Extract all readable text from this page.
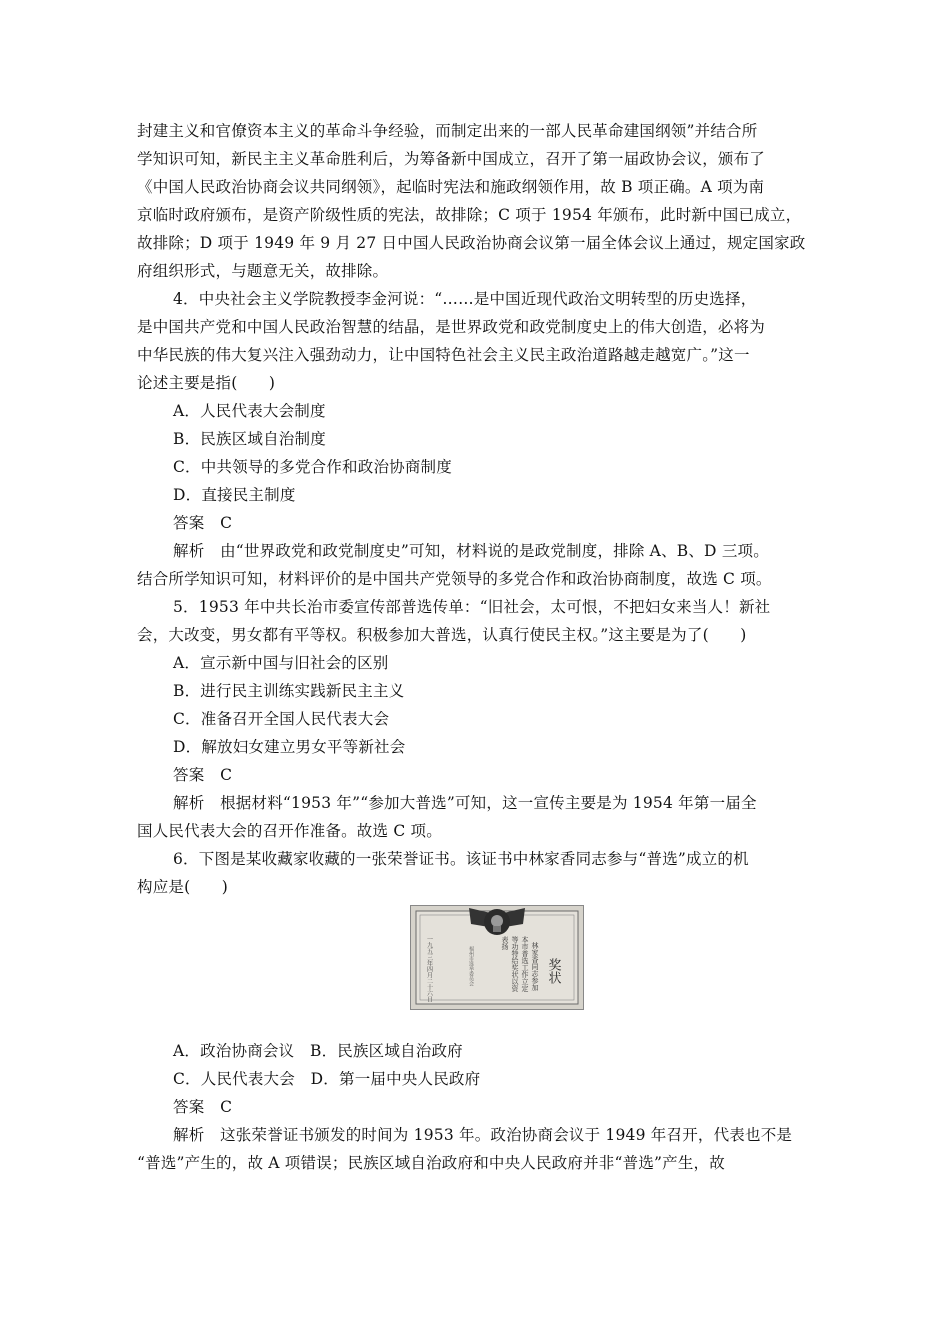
封建主义和官僚资本主义的革命斗争经验，而制定出来的一部人民革命建国纲领”并结合所
学知识可知，新民主主义革命胜利后，为筹备新中国成立，召开了第一届政协会议，颁布了
《中国人民政治协商会议共同纲领》，起临时宪法和施政纲领作用，故 B 项正确。A 项为南
京临时政府颁布，是资产阶级性质的宪法，故排除；C 项于 1954 年颁布，此时新中国已成立，
故排除；D 项于 1949 年 9 月 27 日中国人民政治协商会议第一届全体会议上通过，规定国家政
府组织形式，与题意无关，故排除。
4．中央社会主义学院教授李金河说：“……是中国近现代政治文明转型的历史选择，
是中国共产党和中国人民政治智慧的结晶，是世界政党和政党制度史上的伟大创造，必将为
中华民族的伟大复兴注入强劲动力，让中国特色社会主义民主政治道路越走越宽广。”这一
论述主要是指(　　)
A．人民代表大会制度
B．民族区域自治制度
C．中共领导的多党合作和政治协商制度
D．直接民主制度
答案　C
解析　由“世界政党和政党制度史”可知，材料说的是政党制度，排除 A、B、D 三项。
结合所学知识可知，材料评价的是中国共产党领导的多党合作和政治协商制度，故选 C 项。
5．1953 年中共长治市委宣传部普选传单：“旧社会，太可恨，不把妇女来当人！新社
会，大改变，男女都有平等权。积极参加大普选，认真行使民主权。”这主要是为了(　　)
A．宣示新中国与旧社会的区别
B．进行民主训练实践新民主主义
C．准备召开全国人民代表大会
D．解放妇女建立男女平等新社会
答案　C
解析　根据材料“1953 年”“参加大普选”可知，这一宣传主要是为 1954 年第一届全
国人民代表大会的召开作准备。故选 C 项。
6．下图是某收藏家收藏的一张荣誉证书。该证书中林家香同志参与“普选”成立的机
构应是(　　)
奖状
林家香同志参加
本市普选工作立定
等功特给奖状以资
表扬
福州市选举委员会
一九五三年四月二十六日
A．政治协商会议　B．民族区域自治政府
C．人民代表大会　D．第一届中央人民政府
答案　C
解析　这张荣誉证书颁发的时间为 1953 年。政治协商会议于 1949 年召开，代表也不是
“普选”产生的，故 A 项错误；民族区域自治政府和中央人民政府并非“普选”产生，故
